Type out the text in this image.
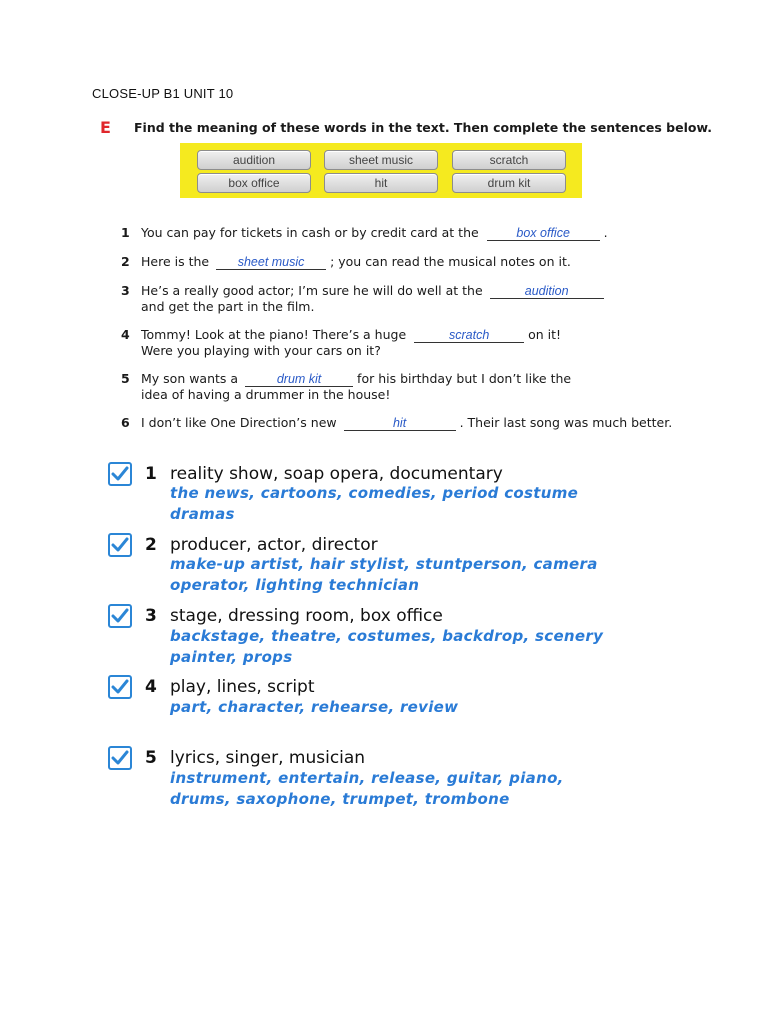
CLOSE-UP B1 UNIT 10
E Find the meaning of these words in the text. Then complete the sentences below.
audition	sheet music	scratch
box office	hit	drum kit
1 You can pay for tickets in cash or by credit card at the	box office	.
2 Here is the sheet music ; you can read the musical notes on it.
3 He’s a really good actor; I’m sure he will do well at the	audition
and get the part in the film.
4 Tommy! Look at the piano! There’s a huge	scratch	on it!
Were you playing with your cars on it?
5 My son wants a	drum kit	for his birthday but I don’t like the
idea of having a drummer in the house!
6 I don’t like One Direction’s new	hit	. Their last song was much better.
1 reality show, soap opera, documentary
the news, cartoons, comedies, period costume
dramas
2 producer, actor, director
make-up artist, hair stylist, stuntperson, camera
operator, lighting technician
3 stage, dressing room, box office
backstage, theatre, costumes, backdrop, scenery
painter, props
4 play, lines, script
part, character, rehearse, review
5 lyrics, singer, musician
instrument, entertain, release, guitar, piano,
drums, saxophone, trumpet, trombone
